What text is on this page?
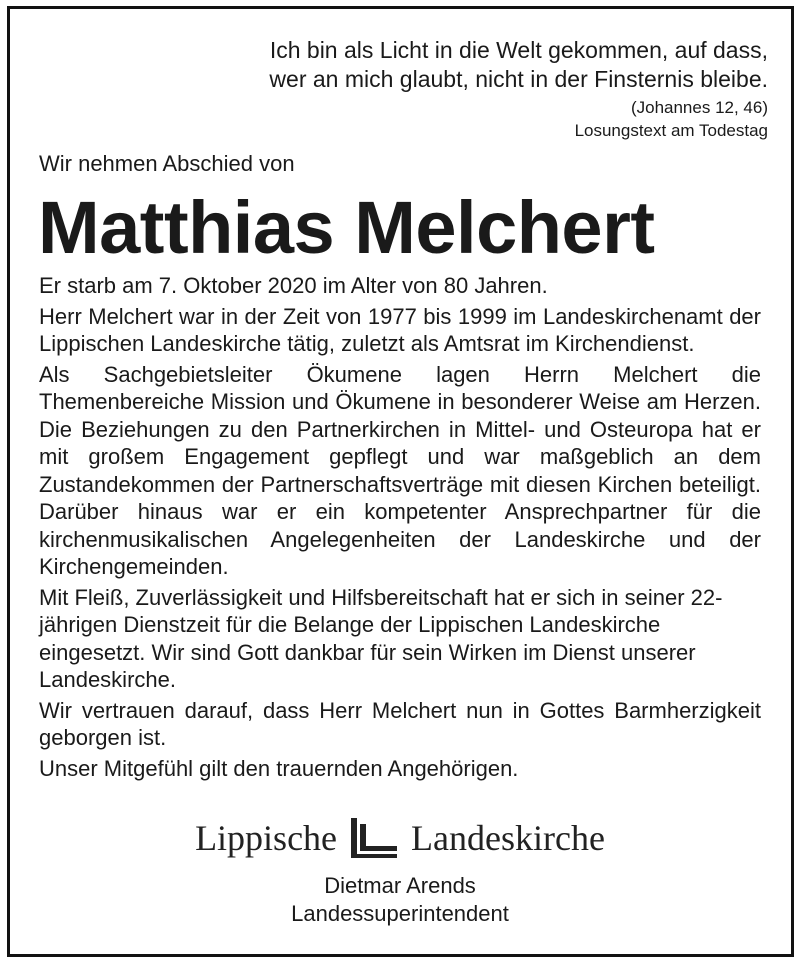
Ich bin als Licht in die Welt gekommen, auf dass,
wer an mich glaubt, nicht in der Finsternis bleibe.
(Johannes 12, 46)
Losungstext am Todestag
Wir nehmen Abschied von
Matthias Melchert

Er starb am 7. Oktober 2020 im Alter von 80 Jahren.

Herr Melchert war in der Zeit von 1977 bis 1999 im Landeskirchenamt der Lippischen Landeskirche tätig, zuletzt als Amtsrat im Kirchendienst.

Als Sachgebietsleiter Ökumene lagen Herrn Melchert die Themenbereiche Mission und Ökumene in besonderer Weise am Herzen. Die Beziehungen zu den Partnerkirchen in Mittel- und Osteuropa hat er mit großem Engagement gepflegt und war maßgeblich an dem Zustandekommen der Partnerschaftsverträge mit diesen Kirchen beteiligt. Darüber hinaus war er ein kompetenter Ansprechpartner für die kirchenmusikalischen Angelegenheiten der Landeskirche und der Kirchengemeinden.

Mit Fleiß, Zuverlässigkeit und Hilfsbereitschaft hat er sich in seiner 22-jährigen Dienstzeit für die Belange der Lippischen Landeskirche eingesetzt. Wir sind Gott dankbar für sein Wirken im Dienst unserer Landeskirche.

Wir vertrauen darauf, dass Herr Melchert nun in Gottes Barmherzigkeit geborgen ist.

Unser Mitgefühl gilt den trauernden Angehörigen.

Lippische Landeskirche
Dietmar Arends
Landessuperintendent
